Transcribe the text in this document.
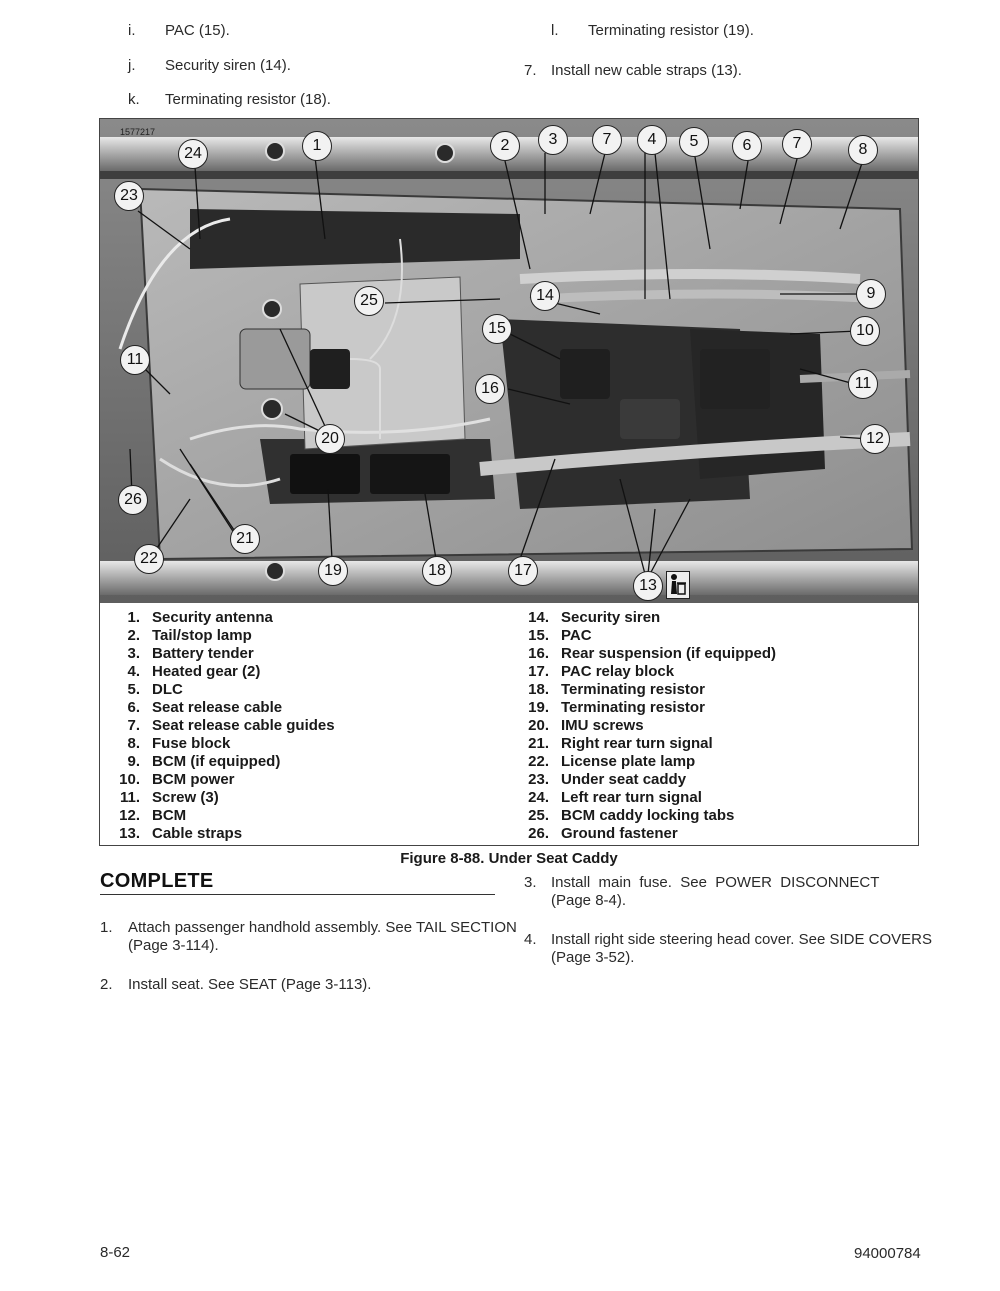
i. PAC (15).
j. Security siren (14).
k. Terminating resistor (18).
l. Terminating resistor (19).
7. Install new cable straps (13).
1577217
24	1
23
2	3	7	4	5	6	7	8
9
25	14
15	10
11
16	11
12
20
26
21
22
19	18	17
13
1. Security antenna
2. Tail/stop lamp
3. Battery tender
4. Heated gear (2)
5. DLC
6. Seat release cable
7. Seat release cable guides
8. Fuse block
9. BCM (if equipped)
10. BCM power
11. Screw (3)
12. BCM
13. Cable straps
14. Security siren
15. PAC
16. Rear suspension (if equipped)
17. PAC relay block
18. Terminating resistor
19. Terminating resistor
20. IMU screws
21. Right rear turn signal
22. License plate lamp
23. Under seat caddy
24. Left rear turn signal
25. BCM caddy locking tabs
26. Ground fastener
Figure 8-88. Under Seat Caddy
COMPLETE
1. Attach passenger handhold assembly. See TAIL SECTION
(Page 3-114).
2. Install seat. See SEAT (Page 3-113).
3. Install  main  fuse.  See  POWER  DISCONNECT
(Page 8-4).
4. Install right side steering head cover. See SIDE COVERS
(Page 3-52).
8-62	94000784
